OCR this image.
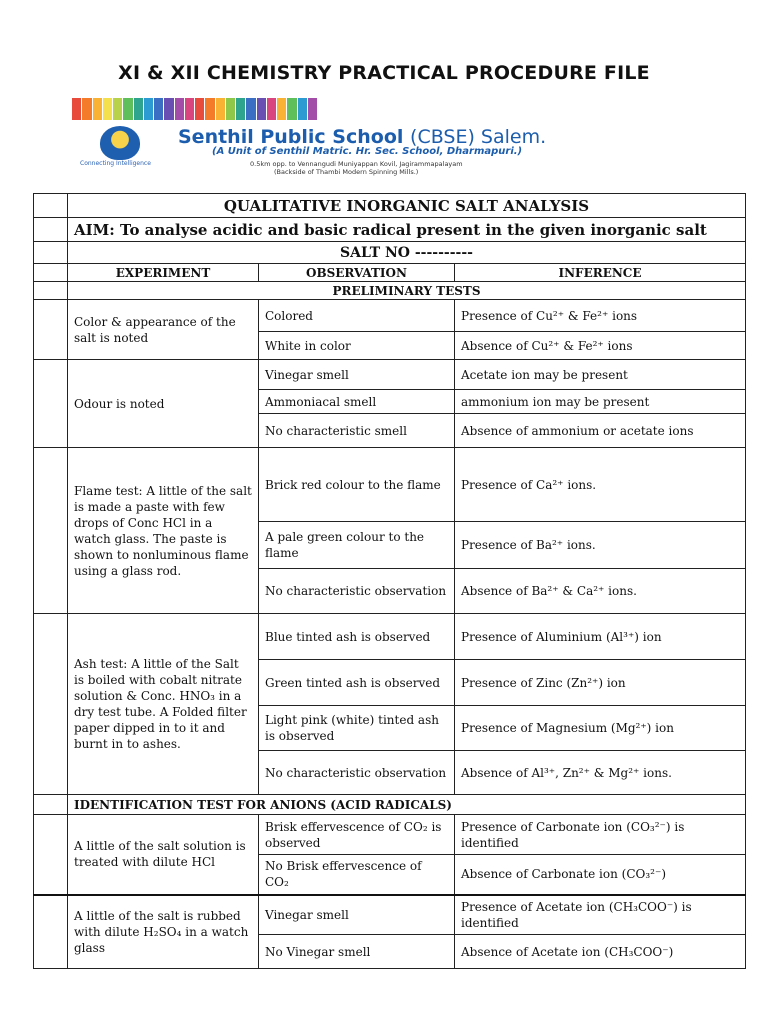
XI & XII CHEMISTRY PRACTICAL PROCEDURE FILE
Connecting Intelligence
Senthil Public School (CBSE) Salem.
(A Unit of Senthil Matric. Hr. Sec. School, Dharmapuri.)
0.5km opp. to Vennangudi Muniyappan Kovil, Jagirammapalayam
(Backside of Thambi Modern Spinning Mills.)
	QUALITATIVE INORGANIC SALT ANALYSIS		
	AIM: To analyse acidic and basic radical present in the given inorganic salt		
	SALT NO ----------		
	EXPERIMENT	OBSERVATION	INFERENCE
	PRELIMINARY TESTS		
	Color & appearance of the salt is noted	Colored	Presence of Cu²⁺ & Fe²⁺ ions
		White in color	Absence of Cu²⁺ & Fe²⁺ ions
	Odour is noted	Vinegar smell	Acetate ion may be present
		Ammoniacal smell	ammonium ion may be present
		No characteristic smell	Absence of ammonium or acetate ions
	Flame test: A little of the salt is made a paste with few drops of Conc HCl in a watch glass. The paste is shown to nonluminous flame using a glass rod.	Brick red colour to the flame	Presence of Ca²⁺ ions.
		A pale green colour to the flame	Presence of Ba²⁺ ions.
		No characteristic observation	Absence of Ba²⁺ & Ca²⁺ ions.
	Ash test: A little of the Salt is boiled with cobalt nitrate solution & Conc. HNO₃ in a dry test tube. A Folded filter paper dipped in to it and burnt in to ashes.	Blue tinted ash is observed	Presence of Aluminium (Al³⁺) ion
		Green tinted ash is observed	Presence of Zinc (Zn²⁺) ion
		Light pink (white) tinted ash is observed	Presence of Magnesium (Mg²⁺) ion
		No characteristic observation	Absence of Al³⁺, Zn²⁺ & Mg²⁺ ions.
	IDENTIFICATION TEST FOR ANIONS (ACID RADICALS)		
	A little of the salt solution is treated with dilute HCl	Brisk effervescence of CO₂ is observed	Presence of Carbonate ion (CO₃²⁻) is identified
		No Brisk effervescence of CO₂	Absence of Carbonate ion (CO₃²⁻)
	A little of the salt is rubbed with dilute H₂SO₄ in a watch glass	Vinegar smell	Presence of Acetate ion (CH₃COO⁻) is identified
		No Vinegar smell	Absence of Acetate ion (CH₃COO⁻)
